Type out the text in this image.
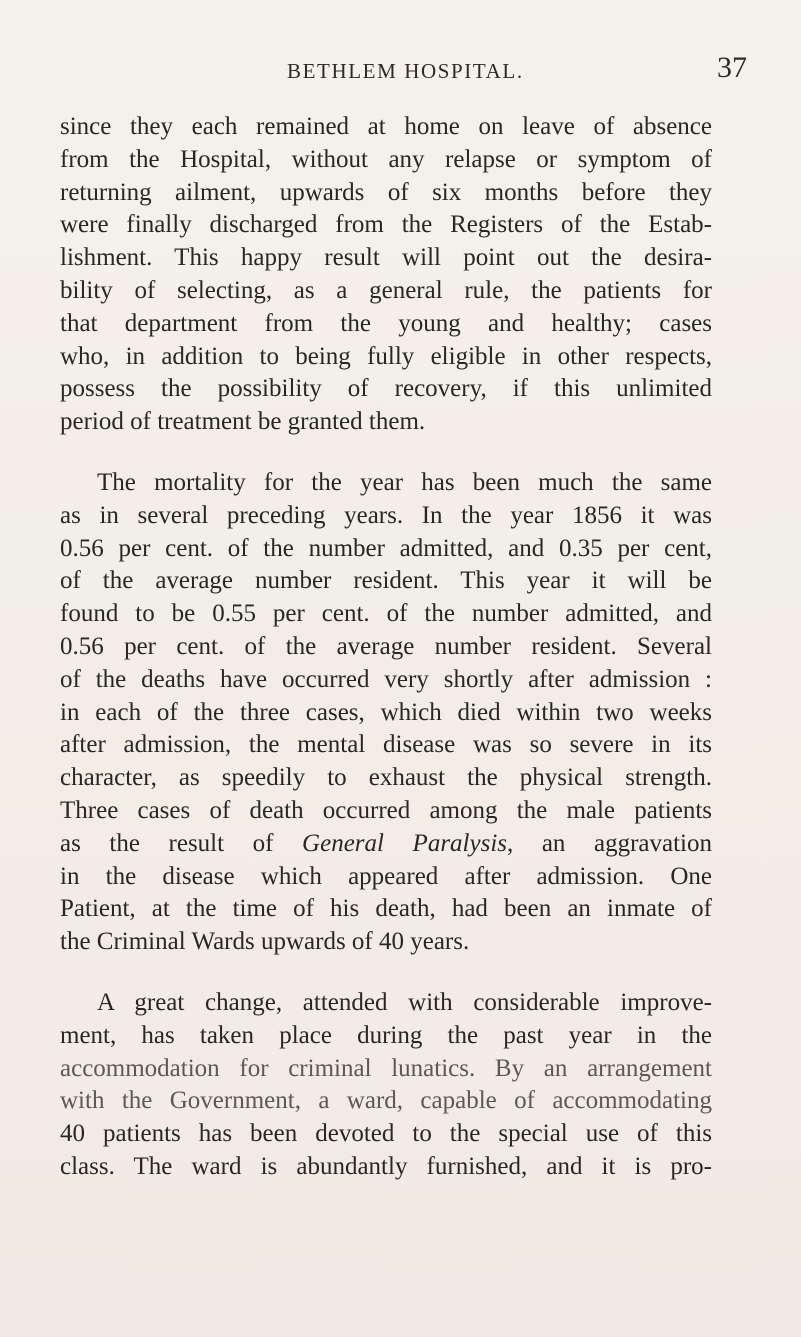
BETHLEM HOSPITAL.	37
since they each remained at home on leave of absence
from the Hospital, without any relapse or symptom of
returning ailment, upwards of six months before they
were finally discharged from the Registers of the Estab-
lishment. This happy result will point out the desira-
bility of selecting, as a general rule, the patients for
that department from the young and healthy; cases
who, in addition to being fully eligible in other respects,
possess the possibility of recovery, if this unlimited
period of treatment be granted them.
The mortality for the year has been much the same
as in several preceding years. In the year 1856 it was
0.56 per cent. of the number admitted, and 0.35 per cent,
of the average number resident. This year it will be
found to be 0.55 per cent. of the number admitted, and
0.56 per cent. of the average number resident. Several
of the deaths have occurred very shortly after admission :
in each of the three cases, which died within two weeks
after admission, the mental disease was so severe in its
character, as speedily to exhaust the physical strength.
Three cases of death occurred among the male patients
as the result of General Paralysis, an aggravation
in the disease which appeared after admission. One
Patient, at the time of his death, had been an inmate of
the Criminal Wards upwards of 40 years.
A great change, attended with considerable improve-
ment, has taken place during the past year in the
accommodation for criminal lunatics. By an arrangement
with the Government, a ward, capable of accommodating
40 patients has been devoted to the special use of this
class. The ward is abundantly furnished, and it is pro-
